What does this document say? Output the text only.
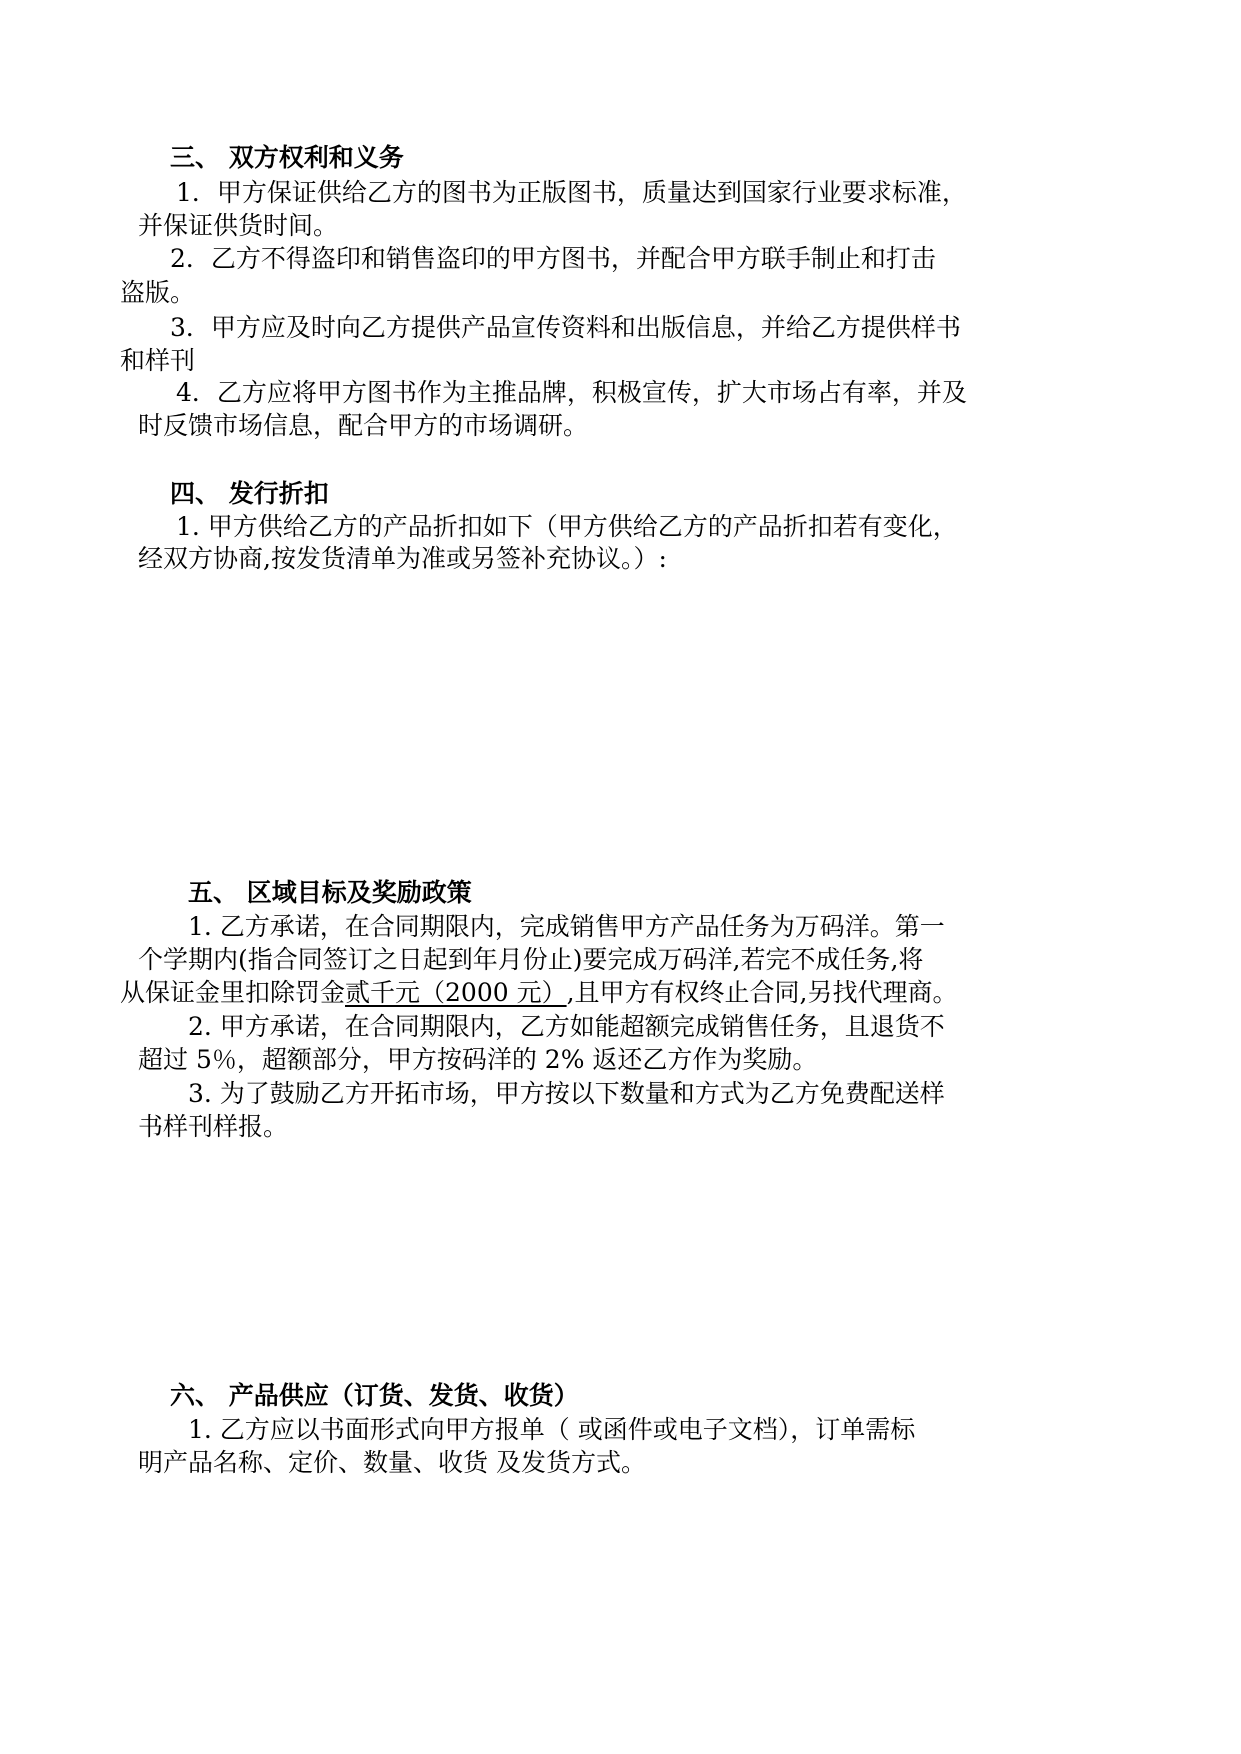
三、 双方权利和义务
1．甲方保证供给乙方的图书为正版图书，质量达到国家行业要求标准，
并保证供货时间。
2．乙方不得盗印和销售盗印的甲方图书，并配合甲方联手制止和打击
盗版。
3．甲方应及时向乙方提供产品宣传资料和出版信息，并给乙方提供样书
和样刊
4．乙方应将甲方图书作为主推品牌，积极宣传，扩大市场占有率，并及
时反馈市场信息，配合甲方的市场调研。
四、 发行折扣
1. 甲方供给乙方的产品折扣如下（甲方供给乙方的产品折扣若有变化，
经双方协商,按发货清单为准或另签补充协议。）:
五、 区域目标及奖励政策
1. 乙方承诺，在合同期限内，完成销售甲方产品任务为万码洋。第一
个学期内(指合同签订之日起到年月份止)要完成万码洋,若完不成任务,将
从保证金里扣除罚金贰千元（2000 元）,且甲方有权终止合同,另找代理商。
2. 甲方承诺，在合同期限内，乙方如能超额完成销售任务，且退货不
超过 5％，超额部分，甲方按码洋的 2% 返还乙方作为奖励。
3. 为了鼓励乙方开拓市场，甲方按以下数量和方式为乙方免费配送样
书样刊样报。
六、 产品供应（订货、发货、收货）
1. 乙方应以书面形式向甲方报单（ 或函件或电子文档），订单需标
明产品名称、定价、数量、收货 及发货方式。
